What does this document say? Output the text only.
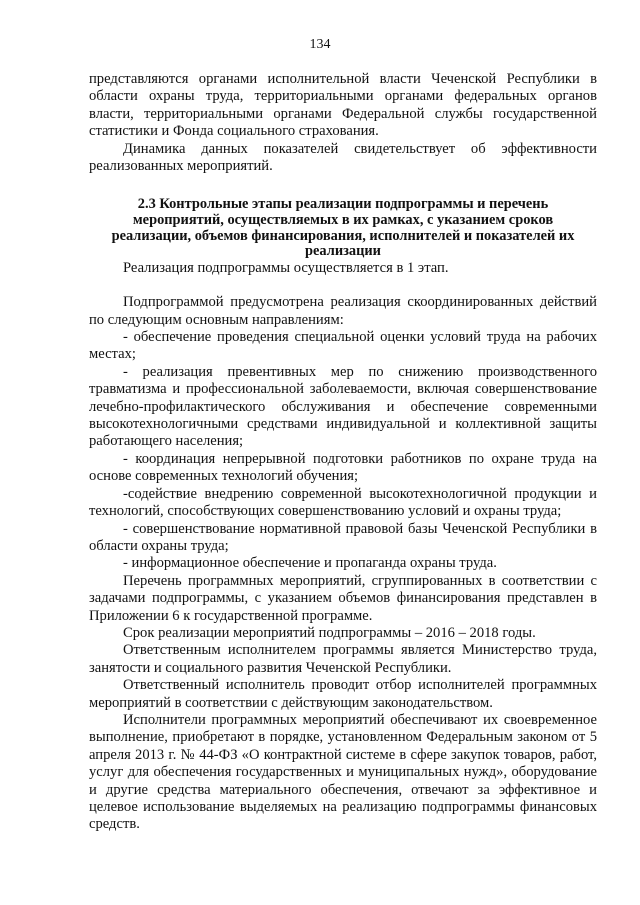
134

представляются органами исполнительной власти Чеченской Республики в области охраны труда, территориальными органами федеральных органов власти, территориальными органами Федеральной службы государственной статистики и Фонда социального страхования.

Динамика данных показателей свидетельствует об эффективности реализованных мероприятий.

2.3 Контрольные этапы реализации подпрограммы и перечень мероприятий, осуществляемых в их рамках, с указанием сроков реализации, объемов финансирования, исполнителей и показателей их реализации

Реализация подпрограммы осуществляется в 1 этап.

Подпрограммой предусмотрена реализация скоординированных действий по следующим основным направлениям:

- обеспечение проведения специальной оценки условий труда на рабочих местах;

- реализация превентивных мер по снижению производственного травматизма и профессиональной заболеваемости, включая совершенствование лечебно-профилактического обслуживания и обеспечение современными высокотехнологичными средствами индивидуальной и коллективной защиты работающего населения;

- координация непрерывной подготовки работников по охране труда на основе современных технологий обучения;

-содействие внедрению современной высокотехнологичной продукции и технологий, способствующих совершенствованию условий и охраны труда;

- совершенствование нормативной правовой базы Чеченской Республики в области охраны труда;

- информационное обеспечение и пропаганда охраны труда.

Перечень программных мероприятий, сгруппированных в соответствии с задачами подпрограммы, с указанием объемов финансирования представлен в Приложении 6 к государственной программе.

Срок реализации мероприятий подпрограммы – 2016 – 2018 годы.

Ответственным исполнителем программы является Министерство труда, занятости и социального развития Чеченской Республики.

Ответственный исполнитель проводит отбор исполнителей программных мероприятий в соответствии с действующим законодательством.

Исполнители программных мероприятий обеспечивают их своевременное выполнение, приобретают в порядке, установленном Федеральным законом от 5 апреля 2013 г. № 44-ФЗ «О контрактной системе в сфере закупок товаров, работ, услуг для обеспечения государственных и муниципальных нужд», оборудование и другие средства материального обеспечения, отвечают за эффективное и целевое использование выделяемых на реализацию подпрограммы финансовых средств.
